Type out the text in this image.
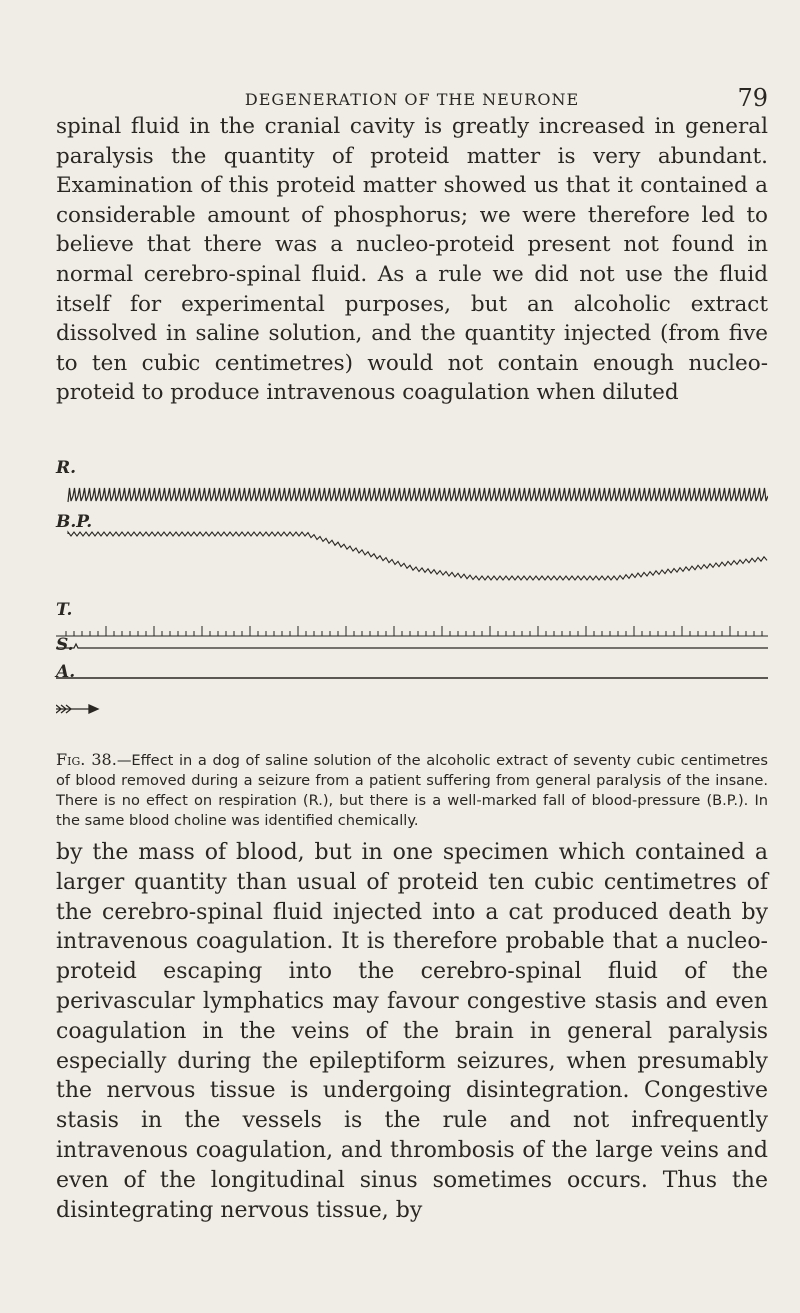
DEGENERATION OF THE NEURONE	79

spinal fluid in the cranial cavity is greatly increased in general paralysis the quantity of proteid matter is very abundant. Examination of this proteid matter showed us that it contained a considerable amount of phosphorus; we were therefore led to believe that there was a nucleo-proteid present not found in normal cerebro-spinal fluid. As a rule we did not use the fluid itself for experimental purposes, but an alcoholic extract dissolved in saline solution, and the quantity injected (from five to ten cubic centimetres) would not contain enough nucleo-proteid to produce intravenous coagulation when diluted

R.
B.P.
T.
S.
A.
Fig. 38.—Effect in a dog of saline solution of the alcoholic extract of seventy cubic centimetres of blood removed during a seizure from a patient suffering from general paralysis of the insane. There is no effect on respiration (R.), but there is a well-marked fall of blood-pressure (B.P.). In the same blood choline was identified chemically.

by the mass of blood, but in one specimen which contained a larger quantity than usual of proteid ten cubic centimetres of the cerebro-spinal fluid injected into a cat produced death by intravenous coagulation. It is therefore probable that a nucleo-proteid escaping into the cerebro-spinal fluid of the perivascular lymphatics may favour congestive stasis and even coagulation in the veins of the brain in general paralysis especially during the epileptiform seizures, when presumably the nervous tissue is undergoing disintegration. Congestive stasis in the vessels is the rule and not infrequently intravenous coagulation, and thrombosis of the large veins and even of the longitudinal sinus sometimes occurs. Thus the disintegrating nervous tissue, by
